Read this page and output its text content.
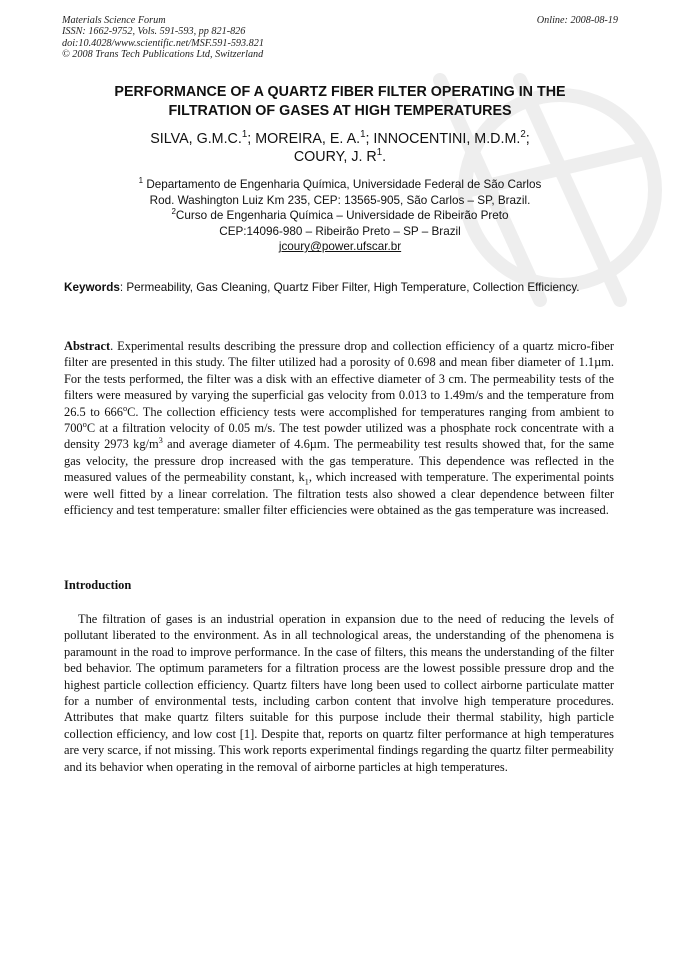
Materials Science Forum
ISSN: 1662-9752, Vols. 591-593, pp 821-826
doi:10.4028/www.scientific.net/MSF.591-593.821
© 2008 Trans Tech Publications Ltd, Switzerland
Online: 2008-08-19
PERFORMANCE OF A QUARTZ FIBER FILTER OPERATING IN THE
FILTRATION OF GASES AT HIGH TEMPERATURES
SILVA, G.M.C.$^1$; MOREIRA, E. A.$^1$; INNOCENTINI, M.D.M.$^2$;
COURY, J. $R^1$.
$^1$ Departamento de Engenharia Química, Universidade Federal de São Carlos
Rod. Washington Luiz Km 235, CEP: 13565-905, São Carlos – SP, Brazil.
$^2$Curso de Engenharia Química – Universidade de Ribeirão Preto
CEP:14096-980 – Ribeirão Preto – SP – Brazil
jcoury@power.ufscar.br
Keywords: Permeability, Gas Cleaning, Quartz Fiber Filter, High Temperature, Collection Efficiency.
Abstract. Experimental results describing the pressure drop and collection efficiency of a quartz micro-fiber filter are presented in this study. The filter utilized had a porosity of 0.698 and mean fiber diameter of 1.1µm. For the tests performed, the filter was a disk with an effective diameter of 3 cm. The permeability tests of the filters were measured by varying the superficial gas velocity from 0.013 to 1.49m/s and the temperature from 26.5 to 666$^o$C. The collection efficiency tests were accomplished for temperatures ranging from ambient to 700$^o$C at a filtration velocity of 0.05 m/s. The test powder utilized was a phosphate rock concentrate with a density 2973 $kg/m^3$ and average diameter of 4.6µm. The permeability test results showed that, for the same gas velocity, the pressure drop increased with the gas temperature. This dependence was reflected in the measured values of the permeability constant, $k_1$, which increased with temperature. The experimental points were well fitted by a linear correlation. The filtration tests also showed a clear dependence between filter efficiency and test temperature: smaller filter efficiencies were obtained as the gas temperature was increased.
Introduction
The filtration of gases is an industrial operation in expansion due to the need of reducing the levels of pollutant liberated to the environment. As in all technological areas, the understanding of the phenomena is paramount in the road to improve performance. In the case of filters, this means the understanding of the filter bed behavior. The optimum parameters for a filtration process are the lowest possible pressure drop and the highest particle collection efficiency. Quartz filters have long been used to collect airborne particulate matter for a number of environmental tests, including carbon content that involve high temperature procedures. Attributes that make quartz filters suitable for this purpose include their thermal stability, high particle collection efficiency, and low cost [1]. Despite that, reports on quartz filter performance at high temperatures are very scarce, if not missing. This work reports experimental findings regarding the quartz filter permeability and its behavior when operating in the removal of airborne particles at high temperatures.
